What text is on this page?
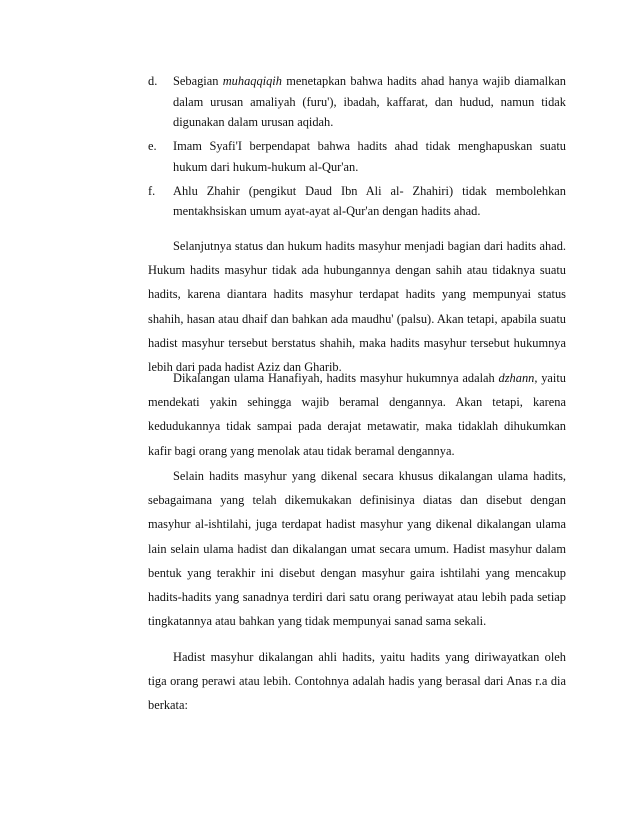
d. Sebagian muhaqqiqih menetapkan bahwa hadits ahad hanya wajib diamalkan dalam urusan amaliyah (furu'), ibadah, kaffarat, dan hudud, namun tidak digunakan dalam urusan aqidah.
e. Imam Syafi'I berpendapat bahwa hadits ahad tidak menghapuskan suatu hukum dari hukum-hukum al-Qur'an.
f. Ahlu Zhahir (pengikut Daud Ibn Ali al- Zhahiri) tidak membolehkan mentakhsiskan umum ayat-ayat al-Qur'an dengan hadits ahad.

Selanjutnya status dan hukum hadits masyhur menjadi bagian dari hadits ahad. Hukum hadits masyhur tidak ada hubungannya dengan sahih atau tidaknya suatu hadits, karena diantara hadits masyhur terdapat hadits yang mempunyai status shahih, hasan atau dhaif dan bahkan ada maudhu' (palsu). Akan tetapi, apabila suatu hadist masyhur tersebut berstatus shahih, maka hadits masyhur tersebut hukumnya lebih dari pada hadist Aziz dan Gharib.

Dikalangan ulama Hanafiyah, hadits masyhur hukumnya adalah dzhann, yaitu mendekati yakin sehingga wajib beramal dengannya. Akan tetapi, karena kedudukannya tidak sampai pada derajat metawatir, maka tidaklah dihukumkan kafir bagi orang yang menolak atau tidak beramal dengannya.

Selain hadits masyhur yang dikenal secara khusus dikalangan ulama hadits, sebagaimana yang telah dikemukakan definisinya diatas dan disebut dengan masyhur al-ishtilahi, juga terdapat hadist masyhur yang dikenal dikalangan ulama lain selain ulama hadist dan dikalangan umat secara umum. Hadist masyhur dalam bentuk yang terakhir ini disebut dengan masyhur gaira ishtilahi yang mencakup hadits-hadits yang sanadnya terdiri dari satu orang periwayat atau lebih pada setiap tingkatannya atau bahkan yang tidak mempunyai sanad sama sekali.

Hadist masyhur dikalangan ahli hadits, yaitu hadits yang diriwayatkan oleh tiga orang perawi atau lebih. Contohnya adalah hadis yang berasal dari Anas r.a dia berkata:
